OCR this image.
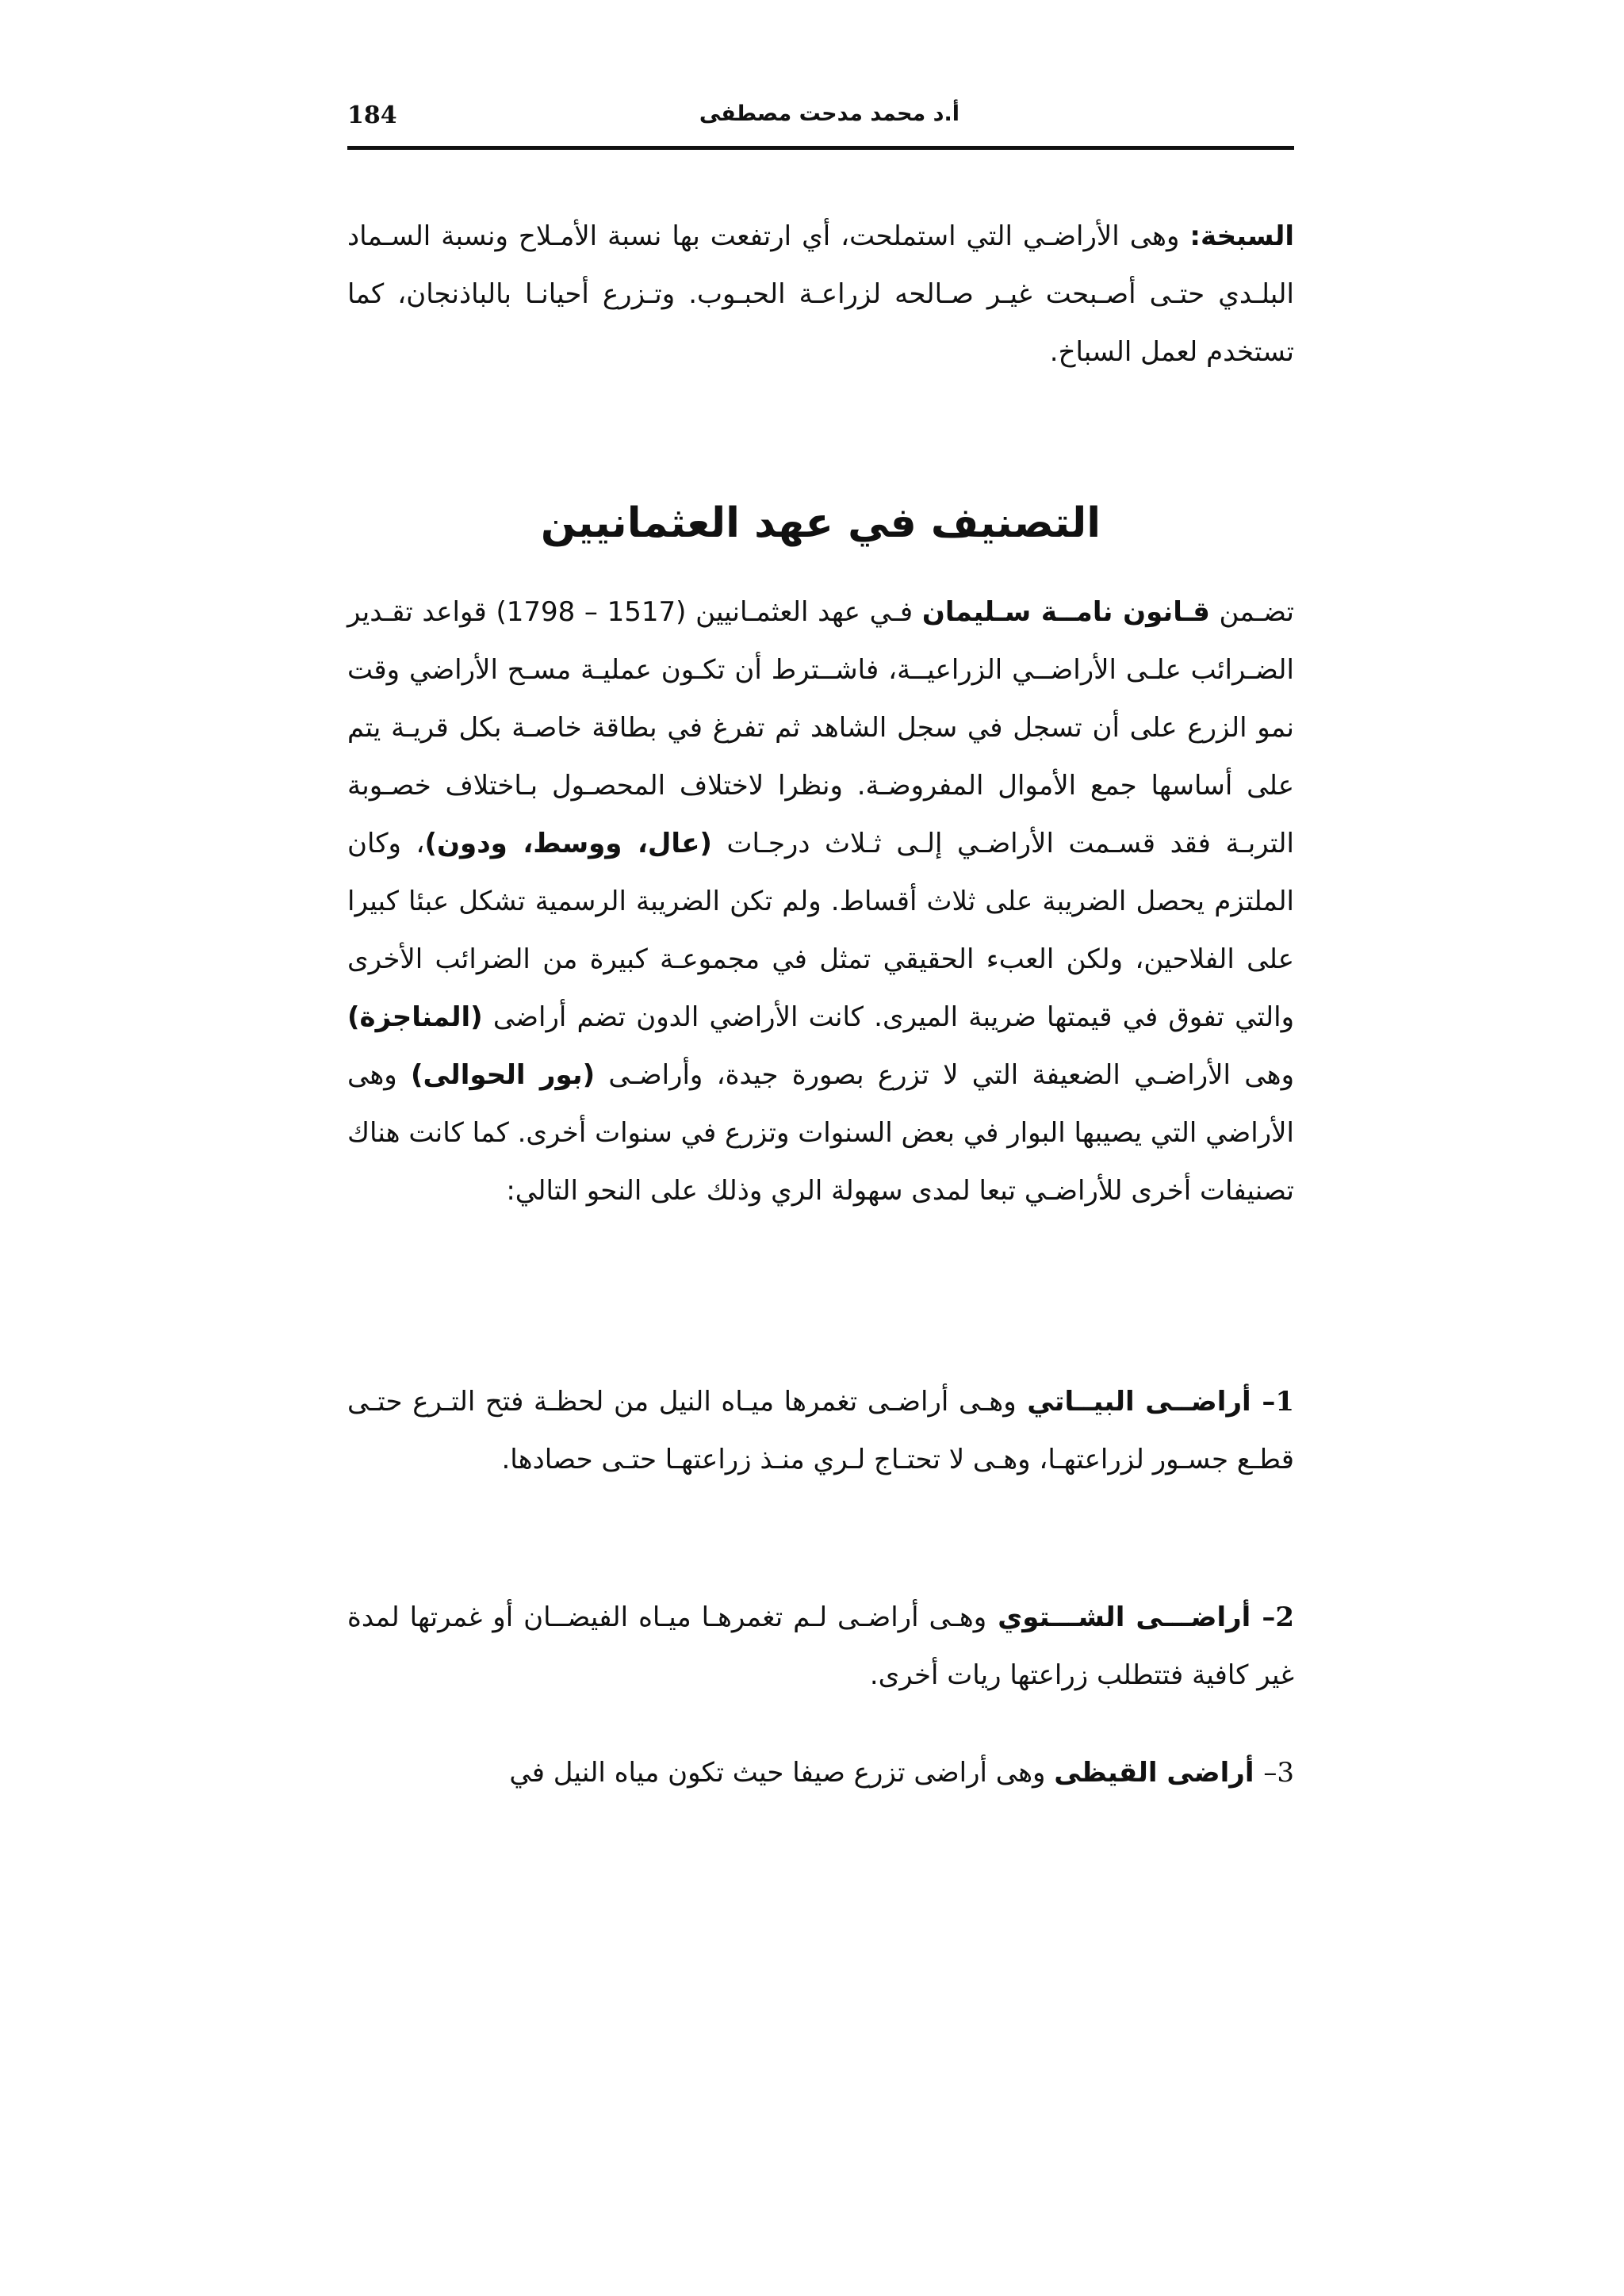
184	أ.د محمد مدحت مصطفى

السبخة: وهى الأراضـي التي استملحت، أي ارتفعت بها نسبة الأمـلاح ونسبة السـماد البلـدي حتـى أصـبحت غيـر صـالحه لزراعـة الحبـوب. وتـزرع أحيانـا بالباذنجان، كما تستخدم لعمل السباخ.

التصنيف في عهد العثمانيين

تضـمن قـانون نامــة سـليمان فـي عهد العثمـانيين (1517 – 1798) قواعد تقـدير الضـرائب علـى الأراضــي الزراعيــة، فاشــترط أن تكـون عمليـة مسـح الأراضي وقت نمو الزرع على أن تسجل في سجل الشاهد ثم تفرغ في بطاقة خاصـة بكل قريـة يتم على أساسها جمع الأموال المفروضـة. ونظرا لاختلاف المحصـول بـاختلاف خصـوبة التربـة فقد قسـمت الأراضـي إلـى ثـلاث درجـات (عال، ووسط، ودون)، وكان الملتزم يحصل الضريبة على ثلاث أقساط. ولم تكن الضريبة الرسمية تشكل عبئا كبيرا على الفلاحين، ولكن العبء الحقيقي تمثل في مجموعـة كبيرة من الضرائب الأخرى والتي تفوق في قيمتها ضريبة الميرى. كانت الأراضي الدون تضم أراضى (المناجزة) وهى الأراضـي الضعيفة التي لا تزرع بصورة جيدة، وأراضـى (بور الحوالى) وهى الأراضي التي يصيبها البوار في بعض السنوات وتزرع في سنوات أخرى. كما كانت هناك تصنيفات أخرى للأراضـي تبعا لمدى سهولة الري وذلك على النحو التالي:

1– أراضــى البيــاتي وهـى أراضـى تغمرها ميـاه النيل من لحظـة فتح التـرع حتـى قطـع جسـور لزراعتهـا، وهـى لا تحتـاج لـري منـذ زراعتهـا حتـى حصادها.

2– أراضـــى الشـــتوي وهـى أراضـى لـم تغمرهـا ميـاه الفيضــان أو غمرتها لمدة غير كافية فتتطلب زراعتها ريات أخرى.

3– أراضى القيظى وهى أراضى تزرع صيفا حيث تكون مياه النيل في
